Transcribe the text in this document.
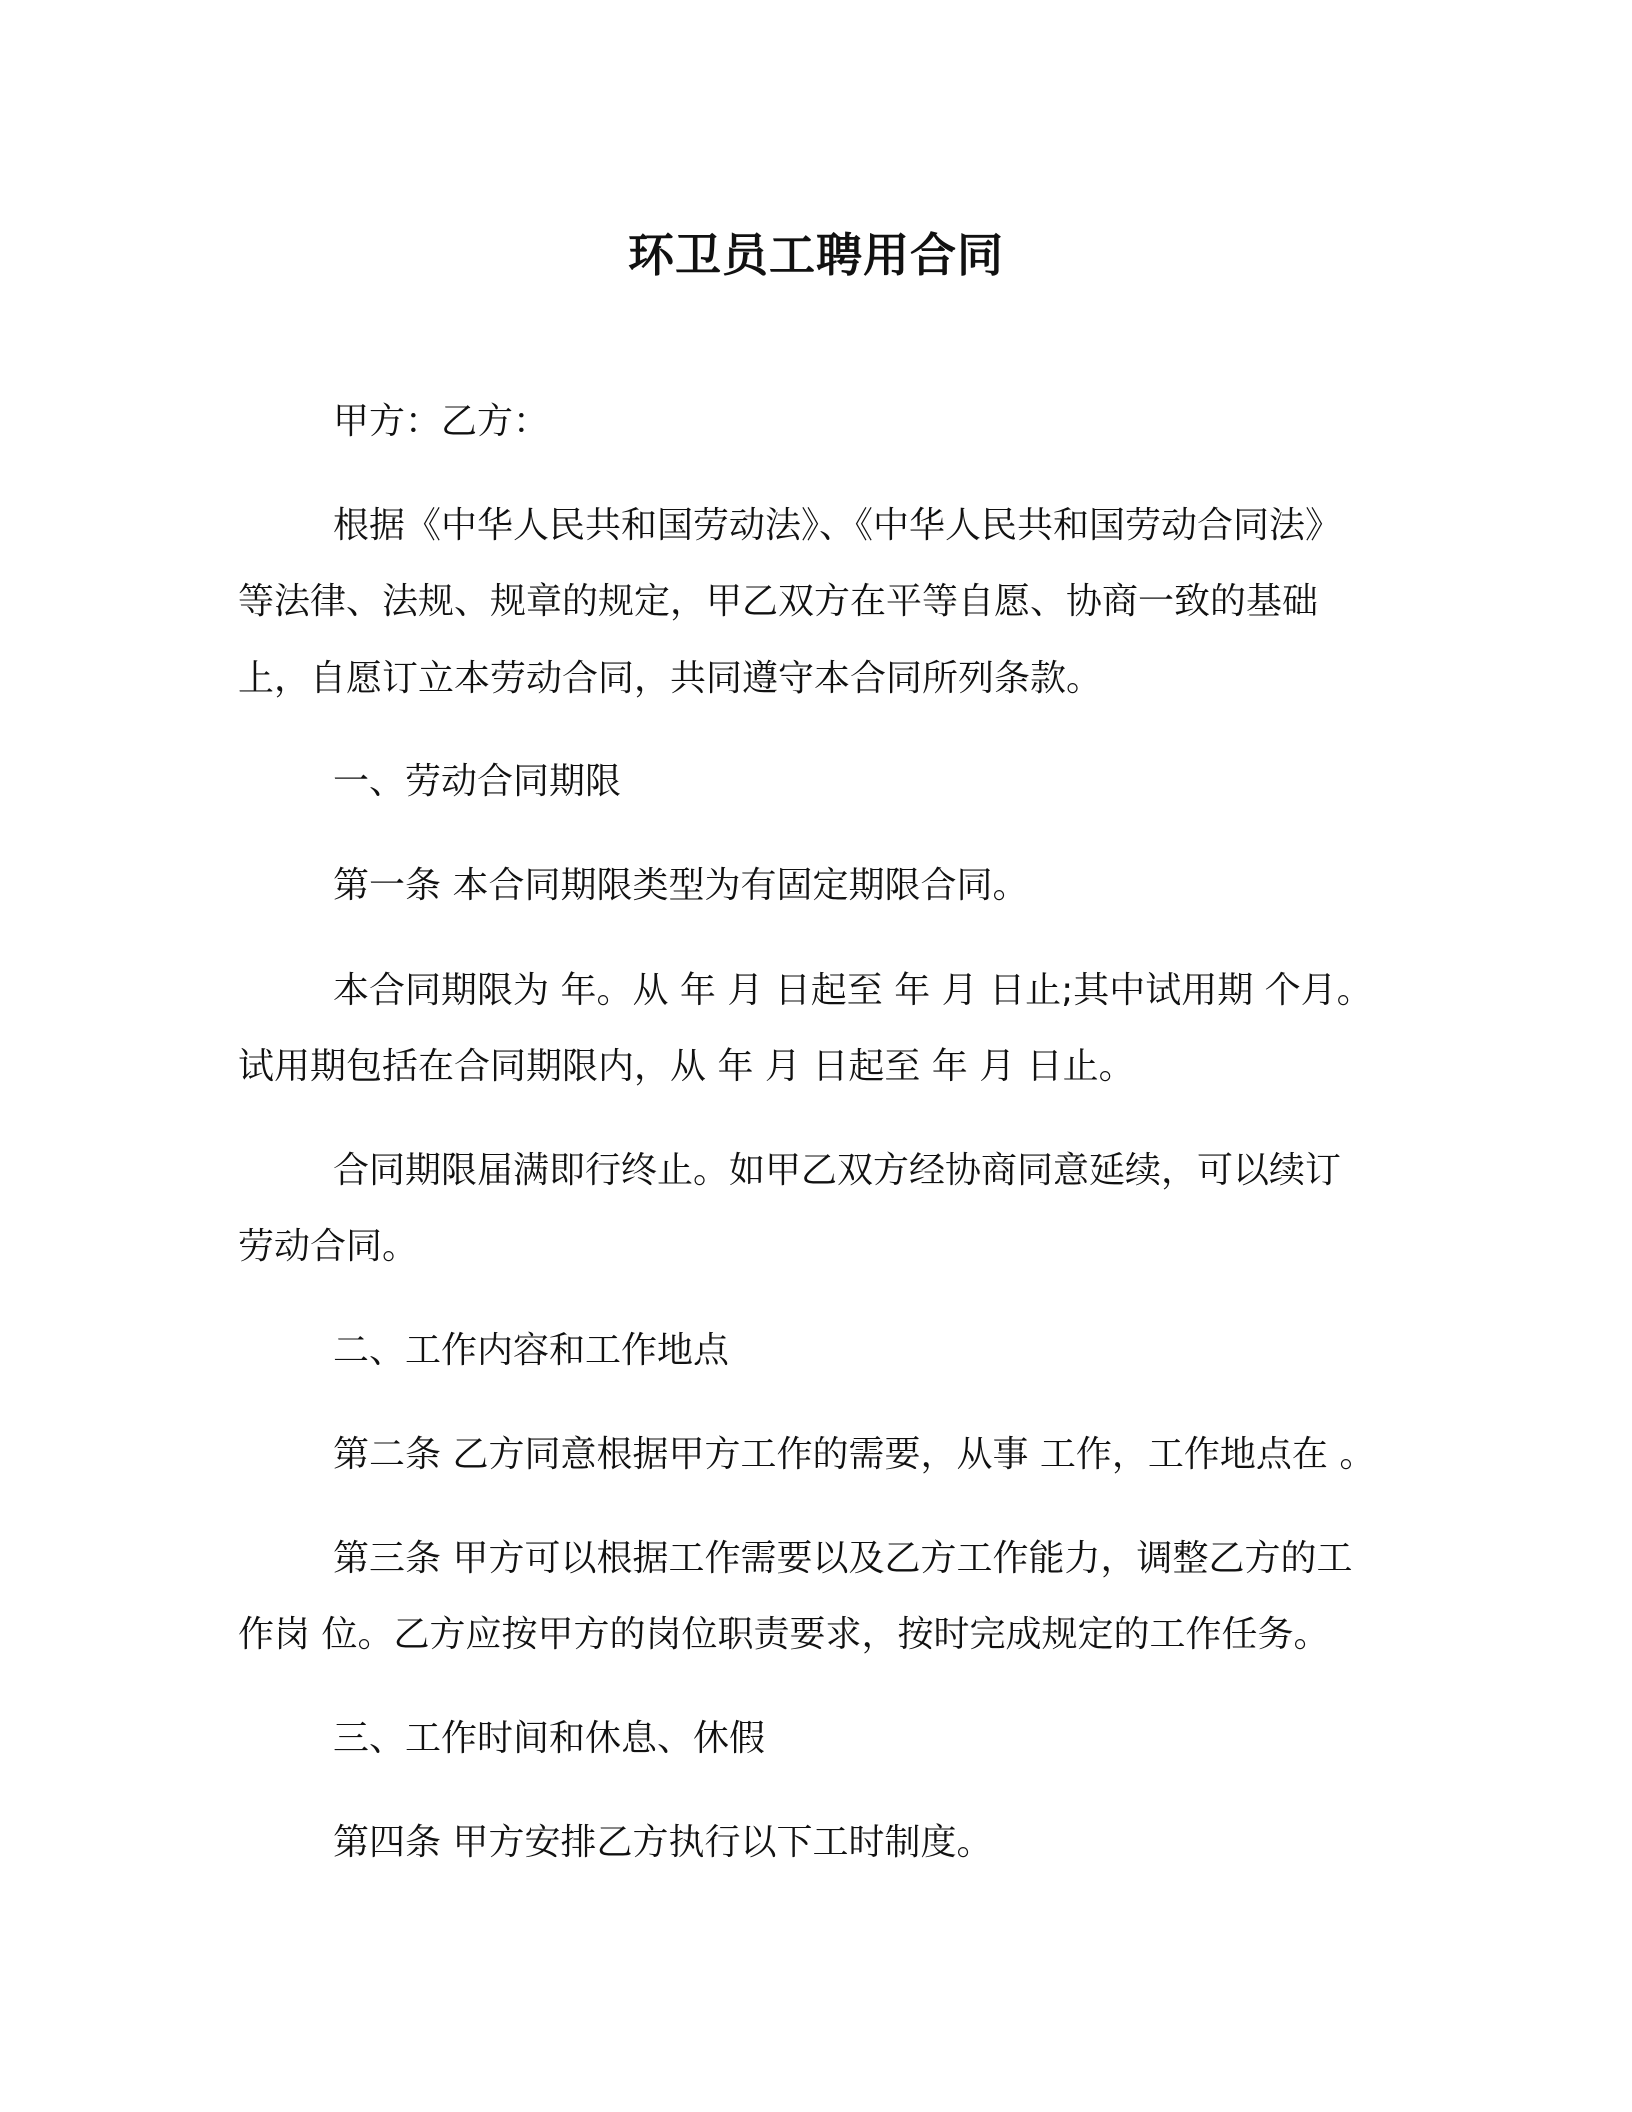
环卫员工聘用合同

甲方：乙方：

根据《中华人民共和国劳动法》、《中华人民共和国劳动合同法》

等法律、法规、规章的规定，甲乙双方在平等自愿、协商一致的基础

上，自愿订立本劳动合同，共同遵守本合同所列条款。

一、劳动合同期限

第一条 本合同期限类型为有固定期限合同。

本合同期限为 年。从 年 月 日起至 年 月 日止;其中试用期 个月。

试用期包括在合同期限内，从 年 月 日起至 年 月 日止。

合同期限届满即行终止。如甲乙双方经协商同意延续，可以续订

劳动合同。

二、工作内容和工作地点

第二条 乙方同意根据甲方工作的需要，从事 工作，工作地点在 。

第三条 甲方可以根据工作需要以及乙方工作能力，调整乙方的工

作岗 位。乙方应按甲方的岗位职责要求，按时完成规定的工作任务。

三、工作时间和休息、休假

第四条 甲方安排乙方执行以下工时制度。
